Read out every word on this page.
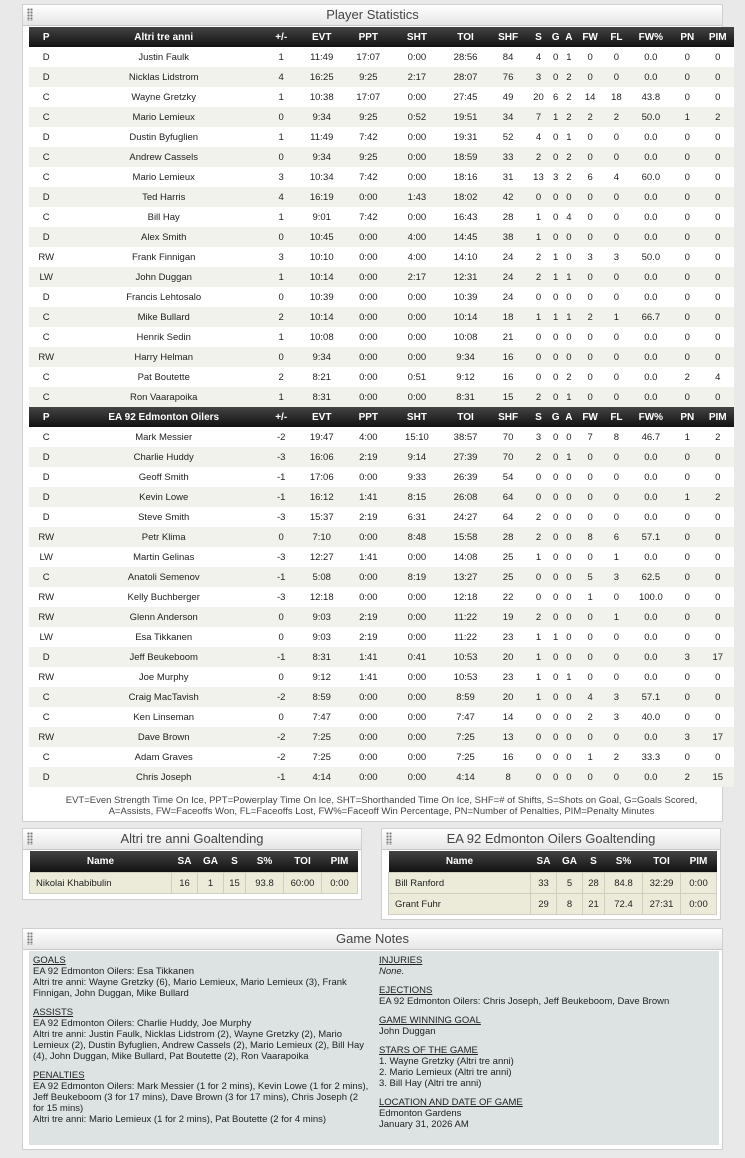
Player Statistics
P	Altri tre anni	+/-	EVT	PPT	SHT	TOI	SHF	S	G	A	FW	FL	FW%	PN	PIM
D	Justin Faulk	1	11:49	17:07	0:00	28:56	84	4	0	1	0	0	0.0	0	0
D	Nicklas Lidstrom	4	16:25	9:25	2:17	28:07	76	3	0	2	0	0	0.0	0	0
C	Wayne Gretzky	1	10:38	17:07	0:00	27:45	49	20	6	2	14	18	43.8	0	0
C	Mario Lemieux	0	9:34	9:25	0:52	19:51	34	7	1	2	2	2	50.0	1	2
D	Dustin Byfuglien	1	11:49	7:42	0:00	19:31	52	4	0	1	0	0	0.0	0	0
C	Andrew Cassels	0	9:34	9:25	0:00	18:59	33	2	0	2	0	0	0.0	0	0
C	Mario Lemieux	3	10:34	7:42	0:00	18:16	31	13	3	2	6	4	60.0	0	0
D	Ted Harris	4	16:19	0:00	1:43	18:02	42	0	0	0	0	0	0.0	0	0
C	Bill Hay	1	9:01	7:42	0:00	16:43	28	1	0	4	0	0	0.0	0	0
D	Alex Smith	0	10:45	0:00	4:00	14:45	38	1	0	0	0	0	0.0	0	0
RW	Frank Finnigan	3	10:10	0:00	4:00	14:10	24	2	1	0	3	3	50.0	0	0
LW	John Duggan	1	10:14	0:00	2:17	12:31	24	2	1	1	0	0	0.0	0	0
D	Francis Lehtosalo	0	10:39	0:00	0:00	10:39	24	0	0	0	0	0	0.0	0	0
C	Mike Bullard	2	10:14	0:00	0:00	10:14	18	1	1	1	2	1	66.7	0	0
C	Henrik Sedin	1	10:08	0:00	0:00	10:08	21	0	0	0	0	0	0.0	0	0
RW	Harry Helman	0	9:34	0:00	0:00	9:34	16	0	0	0	0	0	0.0	0	0
C	Pat Boutette	2	8:21	0:00	0:51	9:12	16	0	0	2	0	0	0.0	2	4
C	Ron Vaarapoika	1	8:31	0:00	0:00	8:31	15	2	0	1	0	0	0.0	0	0
P	EA 92 Edmonton Oilers	+/-	EVT	PPT	SHT	TOI	SHF	S	G	A	FW	FL	FW%	PN	PIM
C	Mark Messier	-2	19:47	4:00	15:10	38:57	70	3	0	0	7	8	46.7	1	2
D	Charlie Huddy	-3	16:06	2:19	9:14	27:39	70	2	0	1	0	0	0.0	0	0
D	Geoff Smith	-1	17:06	0:00	9:33	26:39	54	0	0	0	0	0	0.0	0	0
D	Kevin Lowe	-1	16:12	1:41	8:15	26:08	64	0	0	0	0	0	0.0	1	2
D	Steve Smith	-3	15:37	2:19	6:31	24:27	64	2	0	0	0	0	0.0	0	0
RW	Petr Klima	0	7:10	0:00	8:48	15:58	28	2	0	0	8	6	57.1	0	0
LW	Martin Gelinas	-3	12:27	1:41	0:00	14:08	25	1	0	0	0	1	0.0	0	0
C	Anatoli Semenov	-1	5:08	0:00	8:19	13:27	25	0	0	0	5	3	62.5	0	0
RW	Kelly Buchberger	-3	12:18	0:00	0:00	12:18	22	0	0	0	1	0	100.0	0	0
RW	Glenn Anderson	0	9:03	2:19	0:00	11:22	19	2	0	0	0	1	0.0	0	0
LW	Esa Tikkanen	0	9:03	2:19	0:00	11:22	23	1	1	0	0	0	0.0	0	0
D	Jeff Beukeboom	-1	8:31	1:41	0:41	10:53	20	1	0	0	0	0	0.0	3	17
RW	Joe Murphy	0	9:12	1:41	0:00	10:53	23	1	0	1	0	0	0.0	0	0
C	Craig MacTavish	-2	8:59	0:00	0:00	8:59	20	1	0	0	4	3	57.1	0	0
C	Ken Linseman	0	7:47	0:00	0:00	7:47	14	0	0	0	2	3	40.0	0	0
RW	Dave Brown	-2	7:25	0:00	0:00	7:25	13	0	0	0	0	0	0.0	3	17
C	Adam Graves	-2	7:25	0:00	0:00	7:25	16	0	0	0	1	2	33.3	0	0
D	Chris Joseph	-1	4:14	0:00	0:00	4:14	8	0	0	0	0	0	0.0	2	15
EVT=Even Strength Time On Ice, PPT=Powerplay Time On Ice, SHT=Shorthanded Time On Ice, SHF=# of Shifts, S=Shots on Goal, G=Goals Scored,
A=Assists, FW=Faceoffs Won, FL=Faceoffs Lost, FW%=Faceoff Win Percentage, PN=Number of Penalties, PIM=Penalty Minutes
Altri tre anni Goaltending
Name	SA	GA	S	S%	TOI	PIM
Nikolai Khabibulin	16	1	15	93.8	60:00	0:00
EA 92 Edmonton Oilers Goaltending
Name	SA	GA	S	S%	TOI	PIM
Bill Ranford	33	5	28	84.8	32:29	0:00
Grant Fuhr	29	8	21	72.4	27:31	0:00
Game Notes
GOALS
EA 92 Edmonton Oilers: Esa Tikkanen
Altri tre anni: Wayne Gretzky (6), Mario Lemieux, Mario Lemieux (3), Frank
Finnigan, John Duggan, Mike Bullard
ASSISTS
EA 92 Edmonton Oilers: Charlie Huddy, Joe Murphy
Altri tre anni: Justin Faulk, Nicklas Lidstrom (2), Wayne Gretzky (2), Mario
Lemieux (2), Dustin Byfuglien, Andrew Cassels (2), Mario Lemieux (2), Bill Hay
(4), John Duggan, Mike Bullard, Pat Boutette (2), Ron Vaarapoika
PENALTIES
EA 92 Edmonton Oilers: Mark Messier (1 for 2 mins), Kevin Lowe (1 for 2 mins),
Jeff Beukeboom (3 for 17 mins), Dave Brown (3 for 17 mins), Chris Joseph (2
for 15 mins)
Altri tre anni: Mario Lemieux (1 for 2 mins), Pat Boutette (2 for 4 mins)
INJURIES
None.
EJECTIONS
EA 92 Edmonton Oilers: Chris Joseph, Jeff Beukeboom, Dave Brown
GAME WINNING GOAL
John Duggan
STARS OF THE GAME
1. Wayne Gretzky (Altri tre anni)
2. Mario Lemieux (Altri tre anni)
3. Bill Hay (Altri tre anni)
LOCATION AND DATE OF GAME
Edmonton Gardens
January 31, 2026 AM
